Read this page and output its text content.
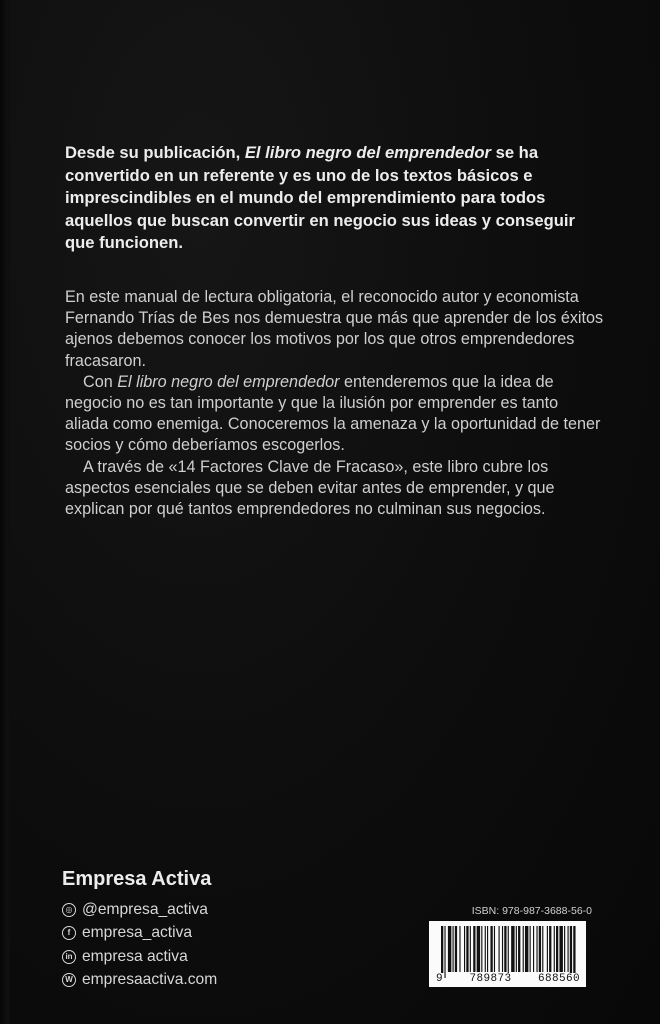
Desde su publicación, El libro negro del emprendedor se ha convertido en un referente y es uno de los textos básicos e imprescindibles en el mundo del emprendimiento para todos aquellos que buscan convertir en negocio sus ideas y conseguir que funcionen.

En este manual de lectura obligatoria, el reconocido autor y economista Fernando Trías de Bes nos demuestra que más que aprender de los éxitos ajenos debemos conocer los motivos por los que otros emprendedores fracasaron.

Con El libro negro del emprendedor entenderemos que la idea de negocio no es tan importante y que la ilusión por emprender es tanto aliada como enemiga. Conoceremos la amenaza y la oportunidad de tener socios y cómo deberíamos escogerlos.

A través de «14 Factores Clave de Fracaso», este libro cubre los aspectos esenciales que se deben evitar antes de emprender, y que explican por qué tantos emprendedores no culminan sus negocios.

Empresa Activa
◎ @empresa_activa
f empresa_activa
in empresa activa
W empresaactiva.com
ISBN: 978-987-3688-56-0
9 789873 688560
